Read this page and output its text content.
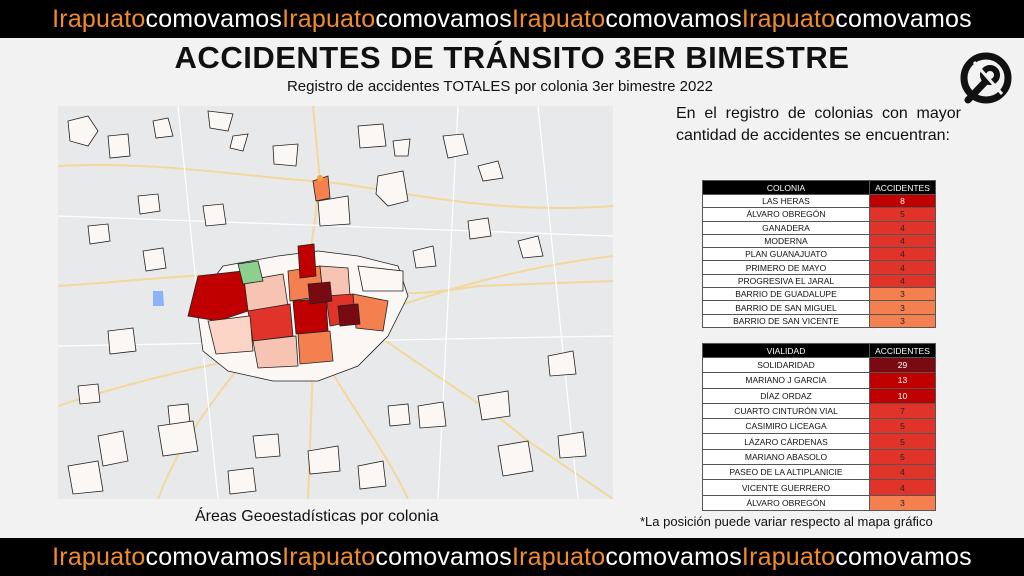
Irapuato comovamos Irapuato comovamos Irapuato comovamos Irapuato comovamos
ACCIDENTES DE TRÁNSITO 3ER BIMESTRE
Registro de accidentes TOTALES por colonia 3er bimestre 2022
Áreas Geoestadísticas por colonia
En el registro de colonias con mayor cantidad de accidentes se encuentran:
COLONIA	ACCIDENTES
LAS HERAS	8
ÁLVARO OBREGÓN	5
GANADERA	4
MODERNA	4
PLAN GUANAJUATO	4
PRIMERO DE MAYO	4
PROGRESIVA EL JARAL	4
BARRIO DE GUADALUPE	3
BARRIO DE SAN MIGUEL	3
BARRIO DE SAN VICENTE	3
VIALIDAD	ACCIDENTES
SOLIDARIDAD	29
MARIANO J GARCIA	13
DÍAZ ORDAZ	10
CUARTO CINTURÓN VIAL	7
CASIMIRO LICEAGA	5
LÁZARO CÁRDENAS	5
MARIANO ABASOLO	5
PASEO DE LA ALTIPLANICIE	4
VICENTE GUERRERO	4
ÁLVARO OBREGÓN	3
*La posición puede variar respecto al mapa gráfico
Irapuato comovamos Irapuato comovamos Irapuato comovamos Irapuato comovamos
